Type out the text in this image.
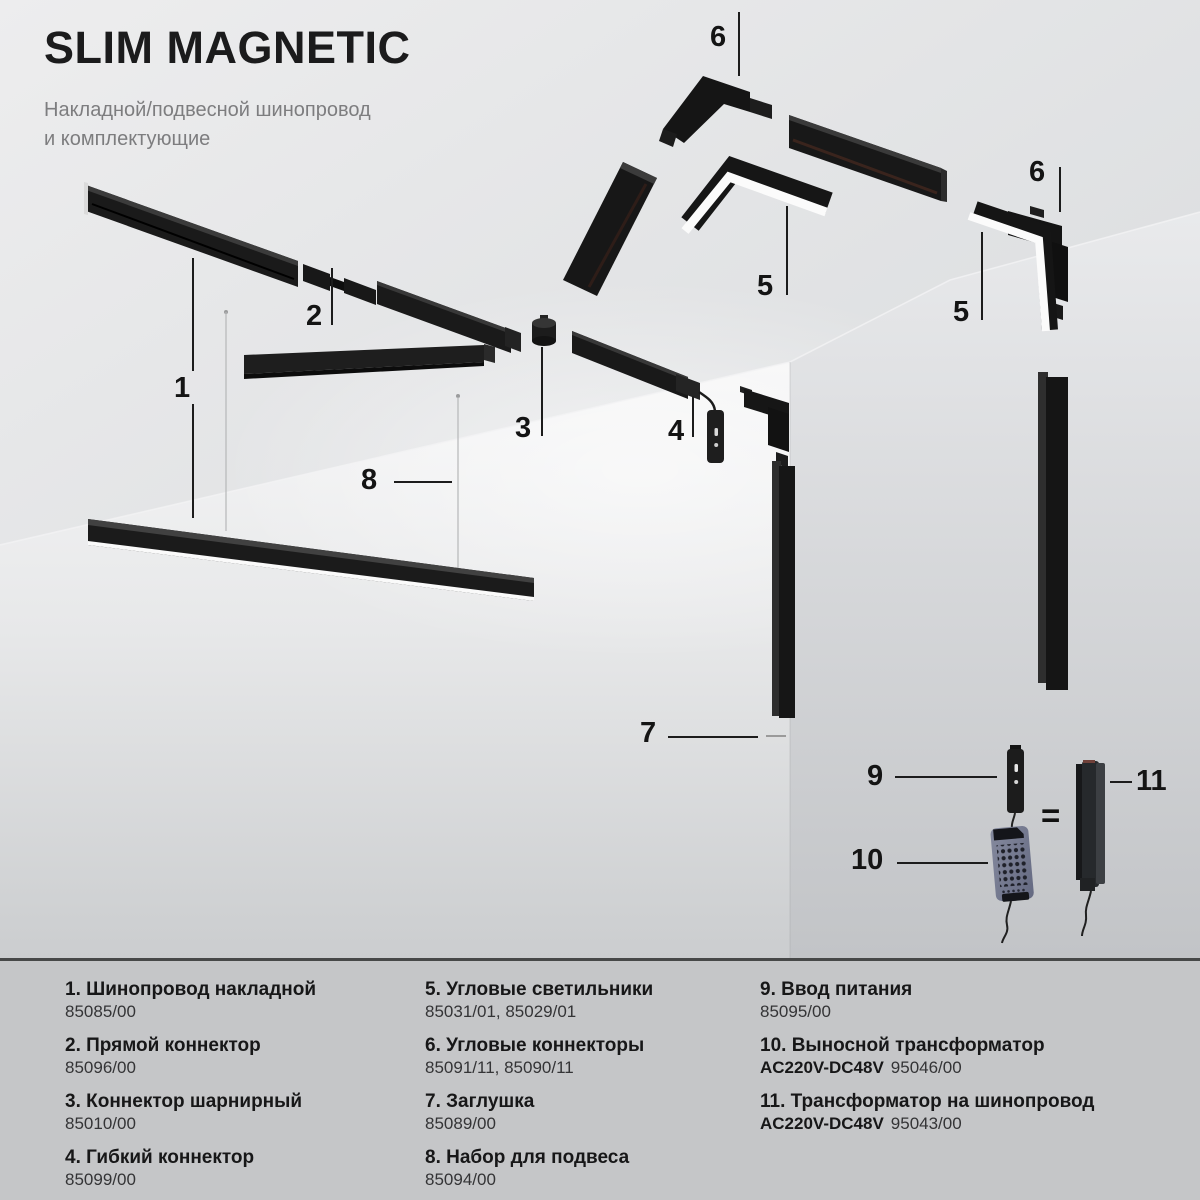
SLIM MAGNETIC
Накладной/подвесной шинопровод
и комплектующие
1
2
3	4
5
6
5
6
7
8
9
10
11
=
1. Шинопровод накладной
85085/00
2. Прямой коннектор
85096/00
3. Коннектор шарнирный
85010/00
4. Гибкий коннектор
85099/00
5. Угловые светильники
85031/01, 85029/01
6. Угловые коннекторы
85091/11, 85090/11
7. Заглушка
85089/00
8. Набор для подвеса
85094/00
9. Ввод питания
85095/00
10. Выносной трансформатор
AC220V-DC48V 95046/00
11. Трансформатор на шинопровод
AC220V-DC48V 95043/00
